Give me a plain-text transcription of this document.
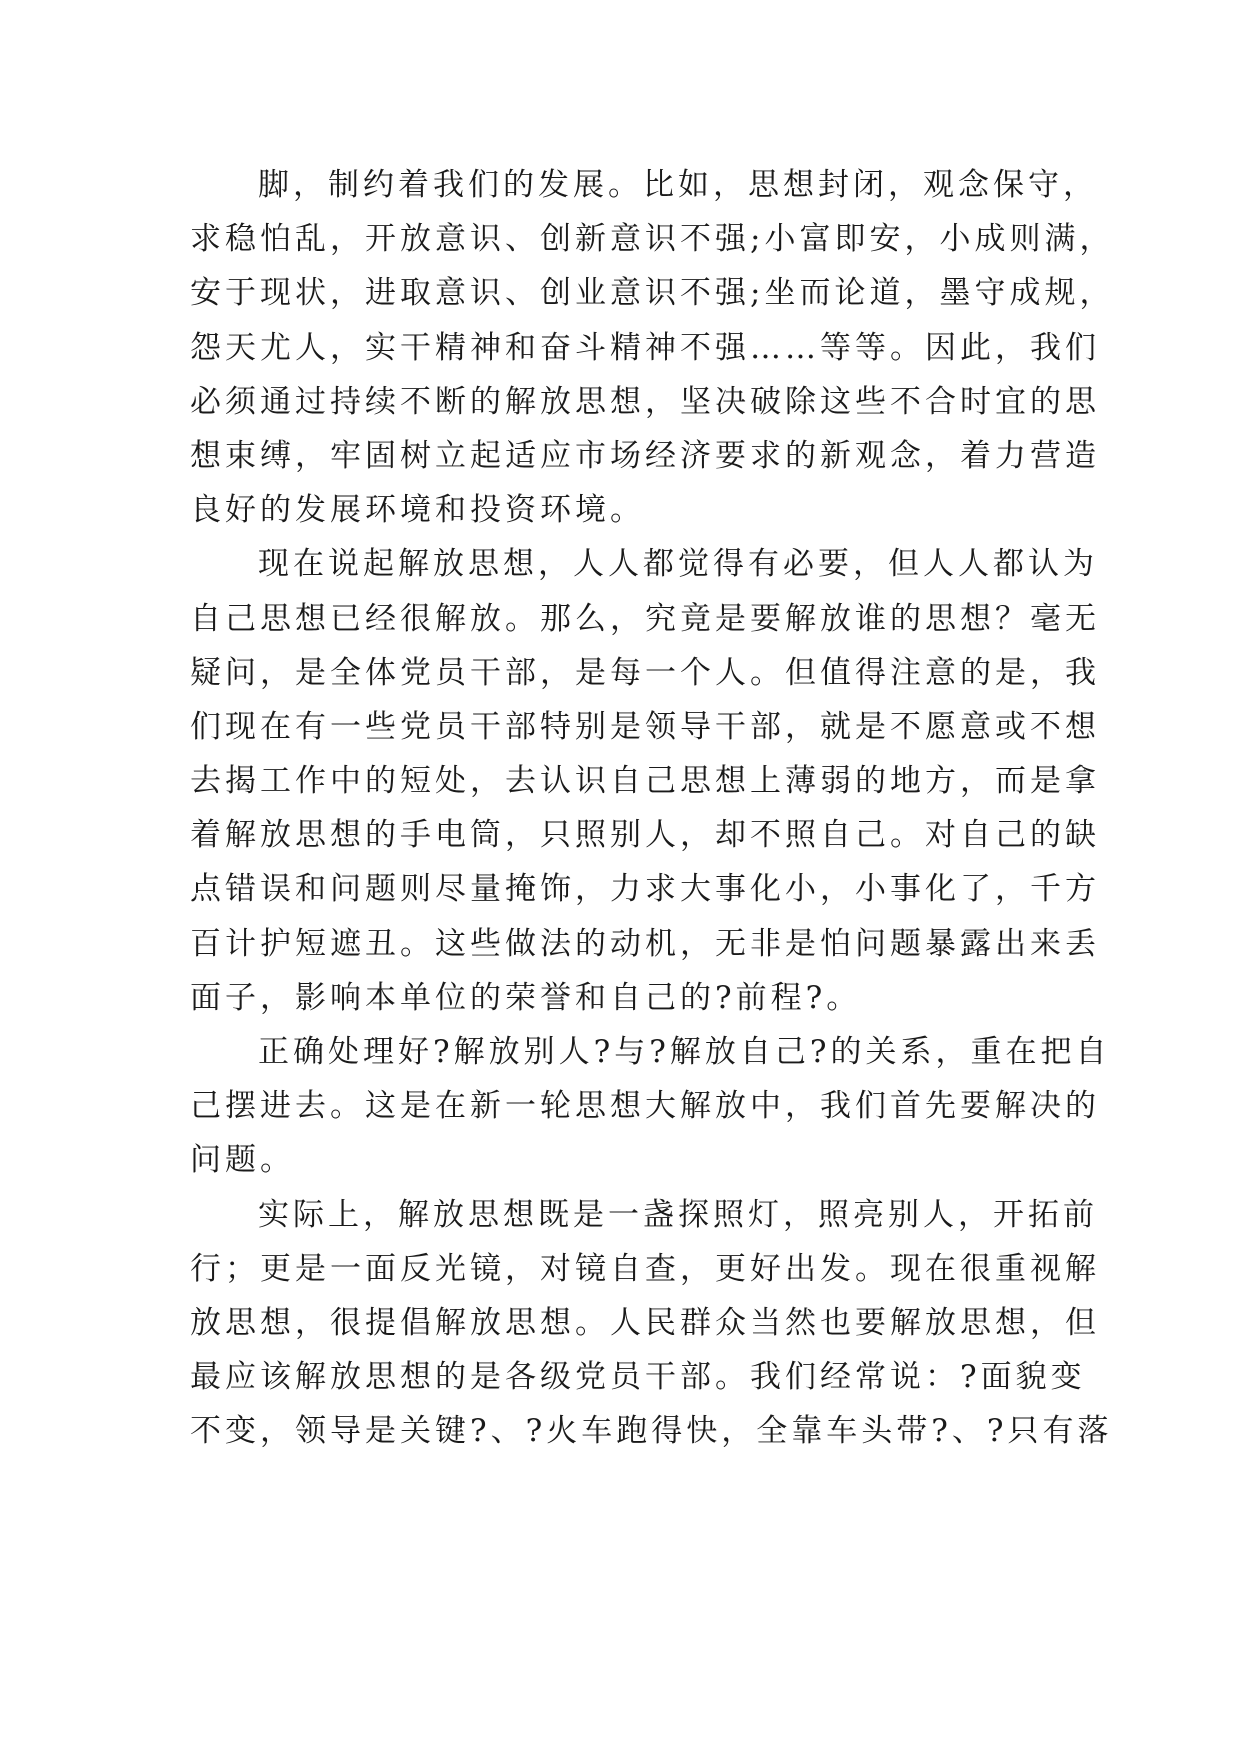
脚，制约着我们的发展。比如，思想封闭，观念保守，
求稳怕乱，开放意识、创新意识不强;小富即安，小成则满，
安于现状，进取意识、创业意识不强;坐而论道，墨守成规，
怨天尤人，实干精神和奋斗精神不强……等等。因此，我们
必须通过持续不断的解放思想，坚决破除这些不合时宜的思
想束缚，牢固树立起适应市场经济要求的新观念，着力营造
良好的发展环境和投资环境。
现在说起解放思想，人人都觉得有必要，但人人都认为
自己思想已经很解放。那么，究竟是要解放谁的思想？毫无
疑问，是全体党员干部，是每一个人。但值得注意的是，我
们现在有一些党员干部特别是领导干部，就是不愿意或不想
去揭工作中的短处，去认识自己思想上薄弱的地方，而是拿
着解放思想的手电筒，只照别人，却不照自己。对自己的缺
点错误和问题则尽量掩饰，力求大事化小，小事化了，千方
百计护短遮丑。这些做法的动机，无非是怕问题暴露出来丢
面子，影响本单位的荣誉和自己的?前程?。
正确处理好?解放别人?与?解放自己?的关系，重在把自
己摆进去。这是在新一轮思想大解放中，我们首先要解决的
问题。
实际上，解放思想既是一盏探照灯，照亮别人，开拓前
行；更是一面反光镜，对镜自查，更好出发。现在很重视解
放思想，很提倡解放思想。人民群众当然也要解放思想，但
最应该解放思想的是各级党员干部。我们经常说：?面貌变
不变，领导是关键?、?火车跑得快，全靠车头带?、?只有落
